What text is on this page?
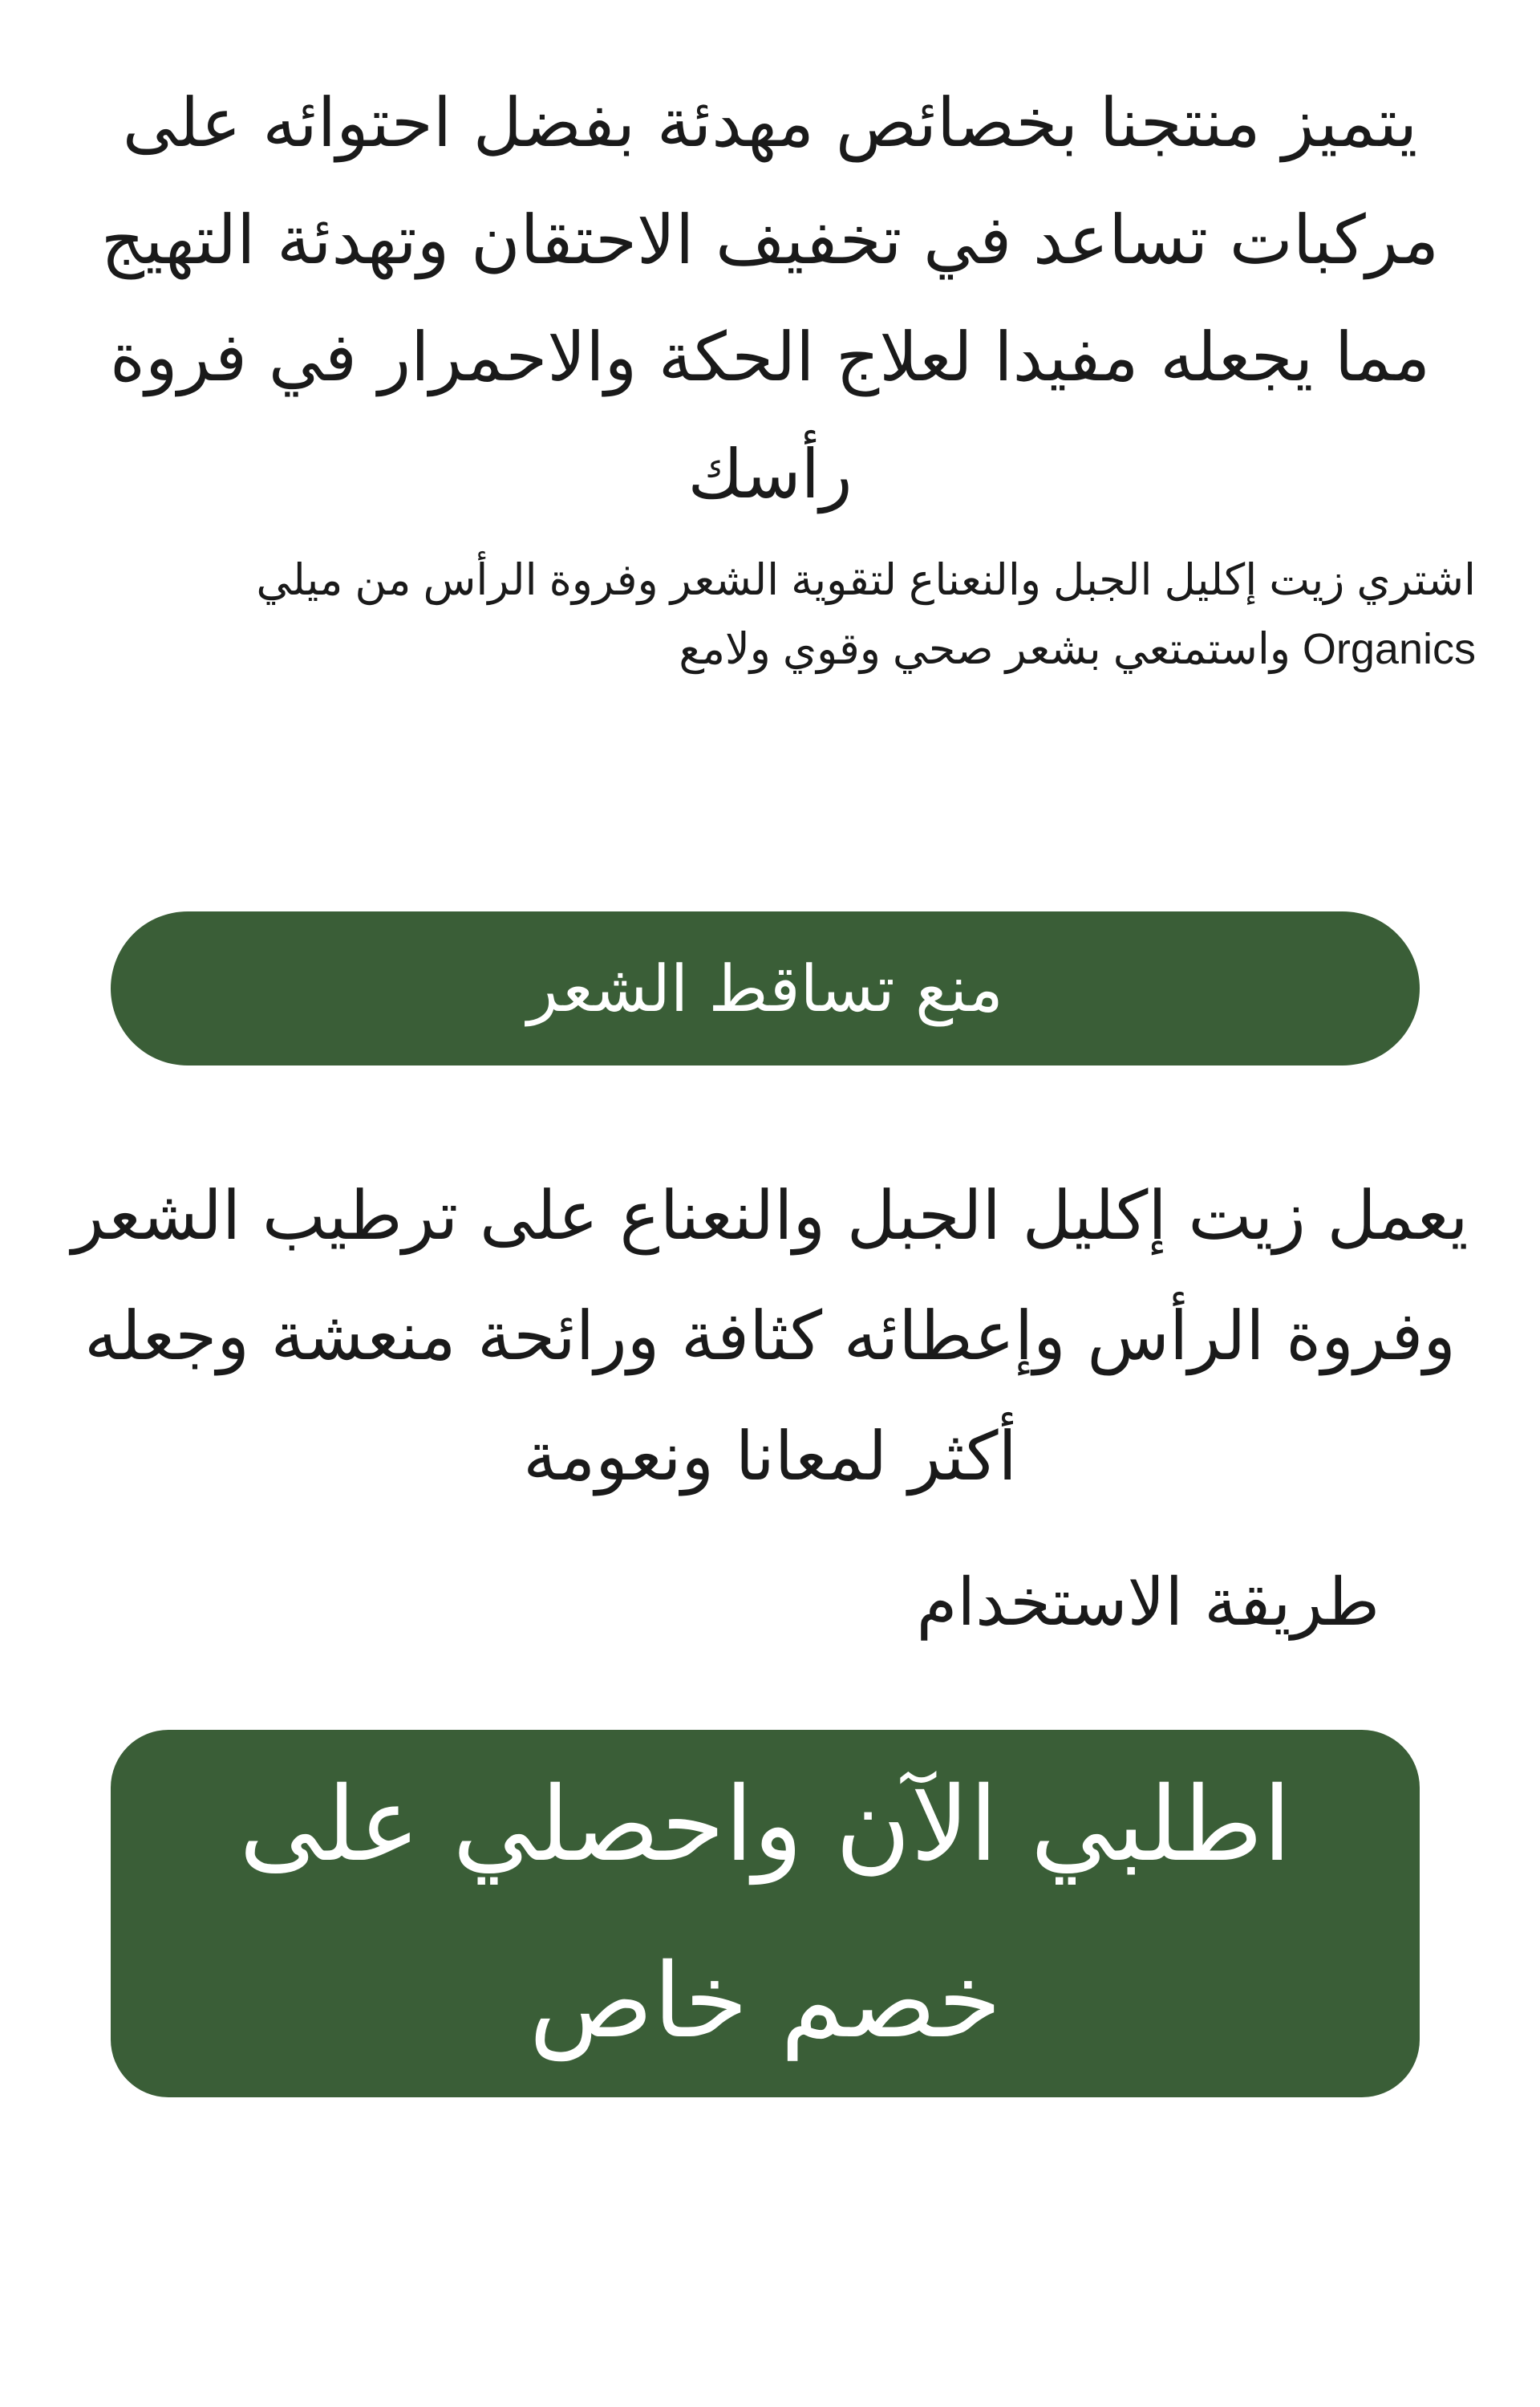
يتميز منتجنا بخصائص مهدئة بفضل احتوائه على مركبات تساعد في تخفيف الاحتقان وتهدئة التهيج مما يجعله مفيدا لعلاج الحكة والاحمرار في فروة رأسك

اشتري زيت إكليل الجبل والنعناع لتقوية الشعر وفروة الرأس من ميلي Organics واستمتعي بشعر صحي وقوي ولامع

منع تساقط الشعر

يعمل زيت إكليل الجبل والنعناع على ترطيب الشعر وفروة الرأس وإعطائه كثافة ورائحة منعشة وجعله أكثر لمعانا ونعومة

طريقة الاستخدام
اطلبي الآن واحصلي على خصم خاص
